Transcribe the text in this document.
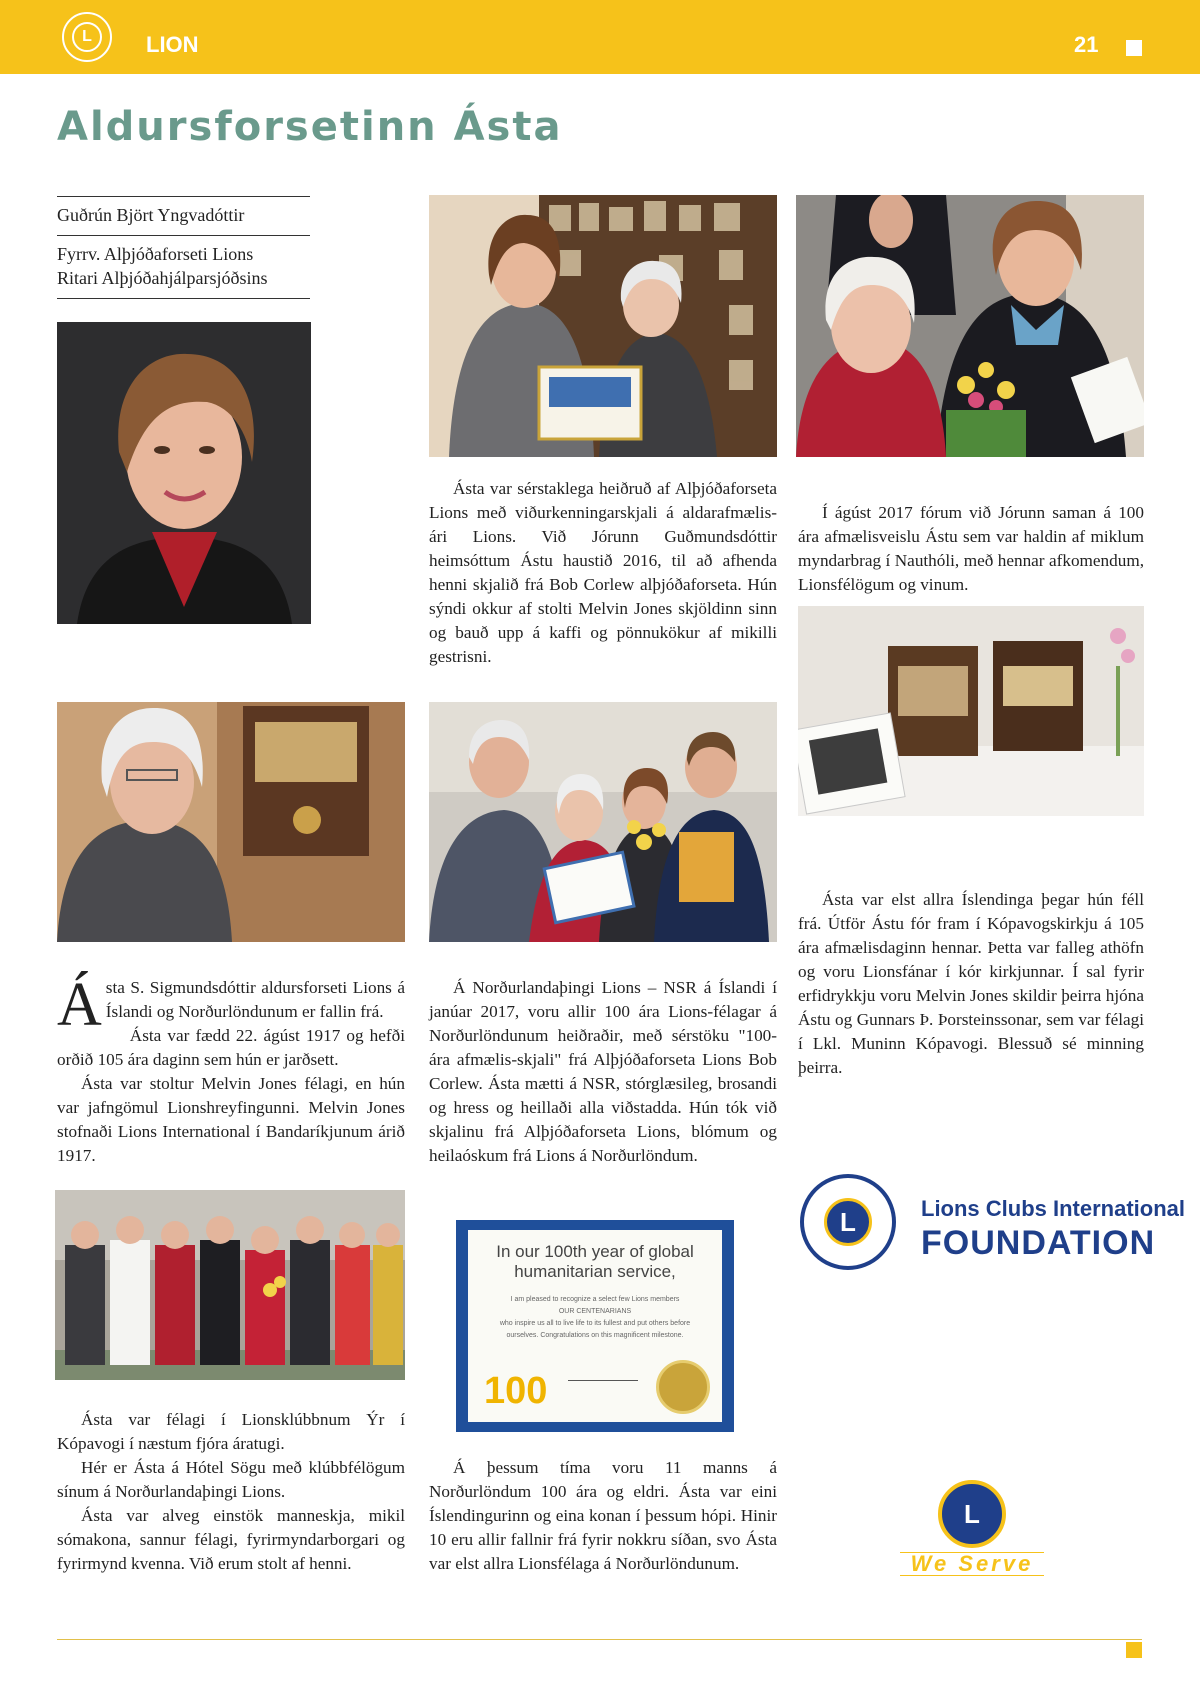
L	LION	21
Aldursforsetinn Ásta
Guðrún Björt Yngvadóttir
Fyrrv. Alþjóðaforseti Lions
Ritari Alþjóðahjálparsjóðsins

Ásta var sérstaklega heiðruð af Alþjóðaforseta Lions með viðurkenningarskjali á aldarafmælis-ári Lions. Við Jórunn Guðmundsdóttir heimsóttum Ástu haustið 2016, til að afhenda henni skjalið frá Bob Corlew alþjóðaforseta. Hún sýndi okkur af stolti Melvin Jones skjöldinn sinn og bauð upp á kaffi og pönnukökur af mikilli gestrisni.

Í ágúst 2017 fórum við Jórunn saman á 100 ára afmælisveislu Ástu sem var haldin af miklum myndarbrag í Nauthóli, með hennar afkomendum, Lionsfélögum og vinum.

Ásta var elst allra Íslendinga þegar hún féll frá. Útför Ástu fór fram í Kópavogskirkju á 105 ára afmælisdaginn hennar. Þetta var falleg athöfn og voru Lionsfánar í kór kirkjunnar. Í sal fyrir erfidrykkju voru Melvin Jones skildir þeirra hjóna Ástu og Gunnars Þ. Þorsteinssonar, sem var félagi í Lkl. Muninn Kópavogi. Blessuð sé minning þeirra.

Ásta S. Sigmundsdóttir aldursforseti Lions á Íslandi og Norðurlöndunum er fallin frá.

Ásta var fædd 22. ágúst 1917 og hefði orðið 105 ára daginn sem hún er jarðsett.

Ásta var stoltur Melvin Jones félagi, en hún var jafngömul Lionshreyfingunni. Melvin Jones stofnaði Lions International í Bandaríkjunum árið 1917.

Á Norðurlandaþingi Lions – NSR á Íslandi í janúar 2017, voru allir 100 ára Lions-félagar á Norðurlöndunum heiðraðir, með sérstöku "100-ára afmælis-skjali" frá Alþjóðaforseta Lions Bob Corlew. Ásta mætti á NSR, stórglæsileg, brosandi og hress og heillaði alla viðstadda. Hún tók við skjalinu frá Alþjóðaforseta Lions, blómum og heilaóskum frá Lions á Norðurlöndum.

In our 100th year of global humanitarian service,
I am pleased to recognize a select few Lions members
OUR CENTENARIANS
who inspire us all to live life to its fullest and put others before ourselves. Congratulations on this magnificent milestone.
100

Ásta var félagi í Lionsklúbbnum Ýr í Kópavogi í næstum fjóra áratugi.

Hér er Ásta á Hótel Sögu með klúbbfélögum sínum á Norðurlandaþingi Lions.

Ásta var alveg einstök manneskja, mikil sómakona, sannur félagi, fyrirmyndarborgari og fyrirmynd kvenna. Við erum stolt af henni.

Á þessum tíma voru 11 manns á Norðurlöndum 100 ára og eldri. Ásta var eini Íslendingurinn og eina konan í þessum hópi. Hinir 10 eru allir fallnir frá fyrir nokkru síðan, svo Ásta var elst allra Lionsfélaga á Norðurlöndunum.

L	Lions Clubs International
FOUNDATION
L
We Serve
